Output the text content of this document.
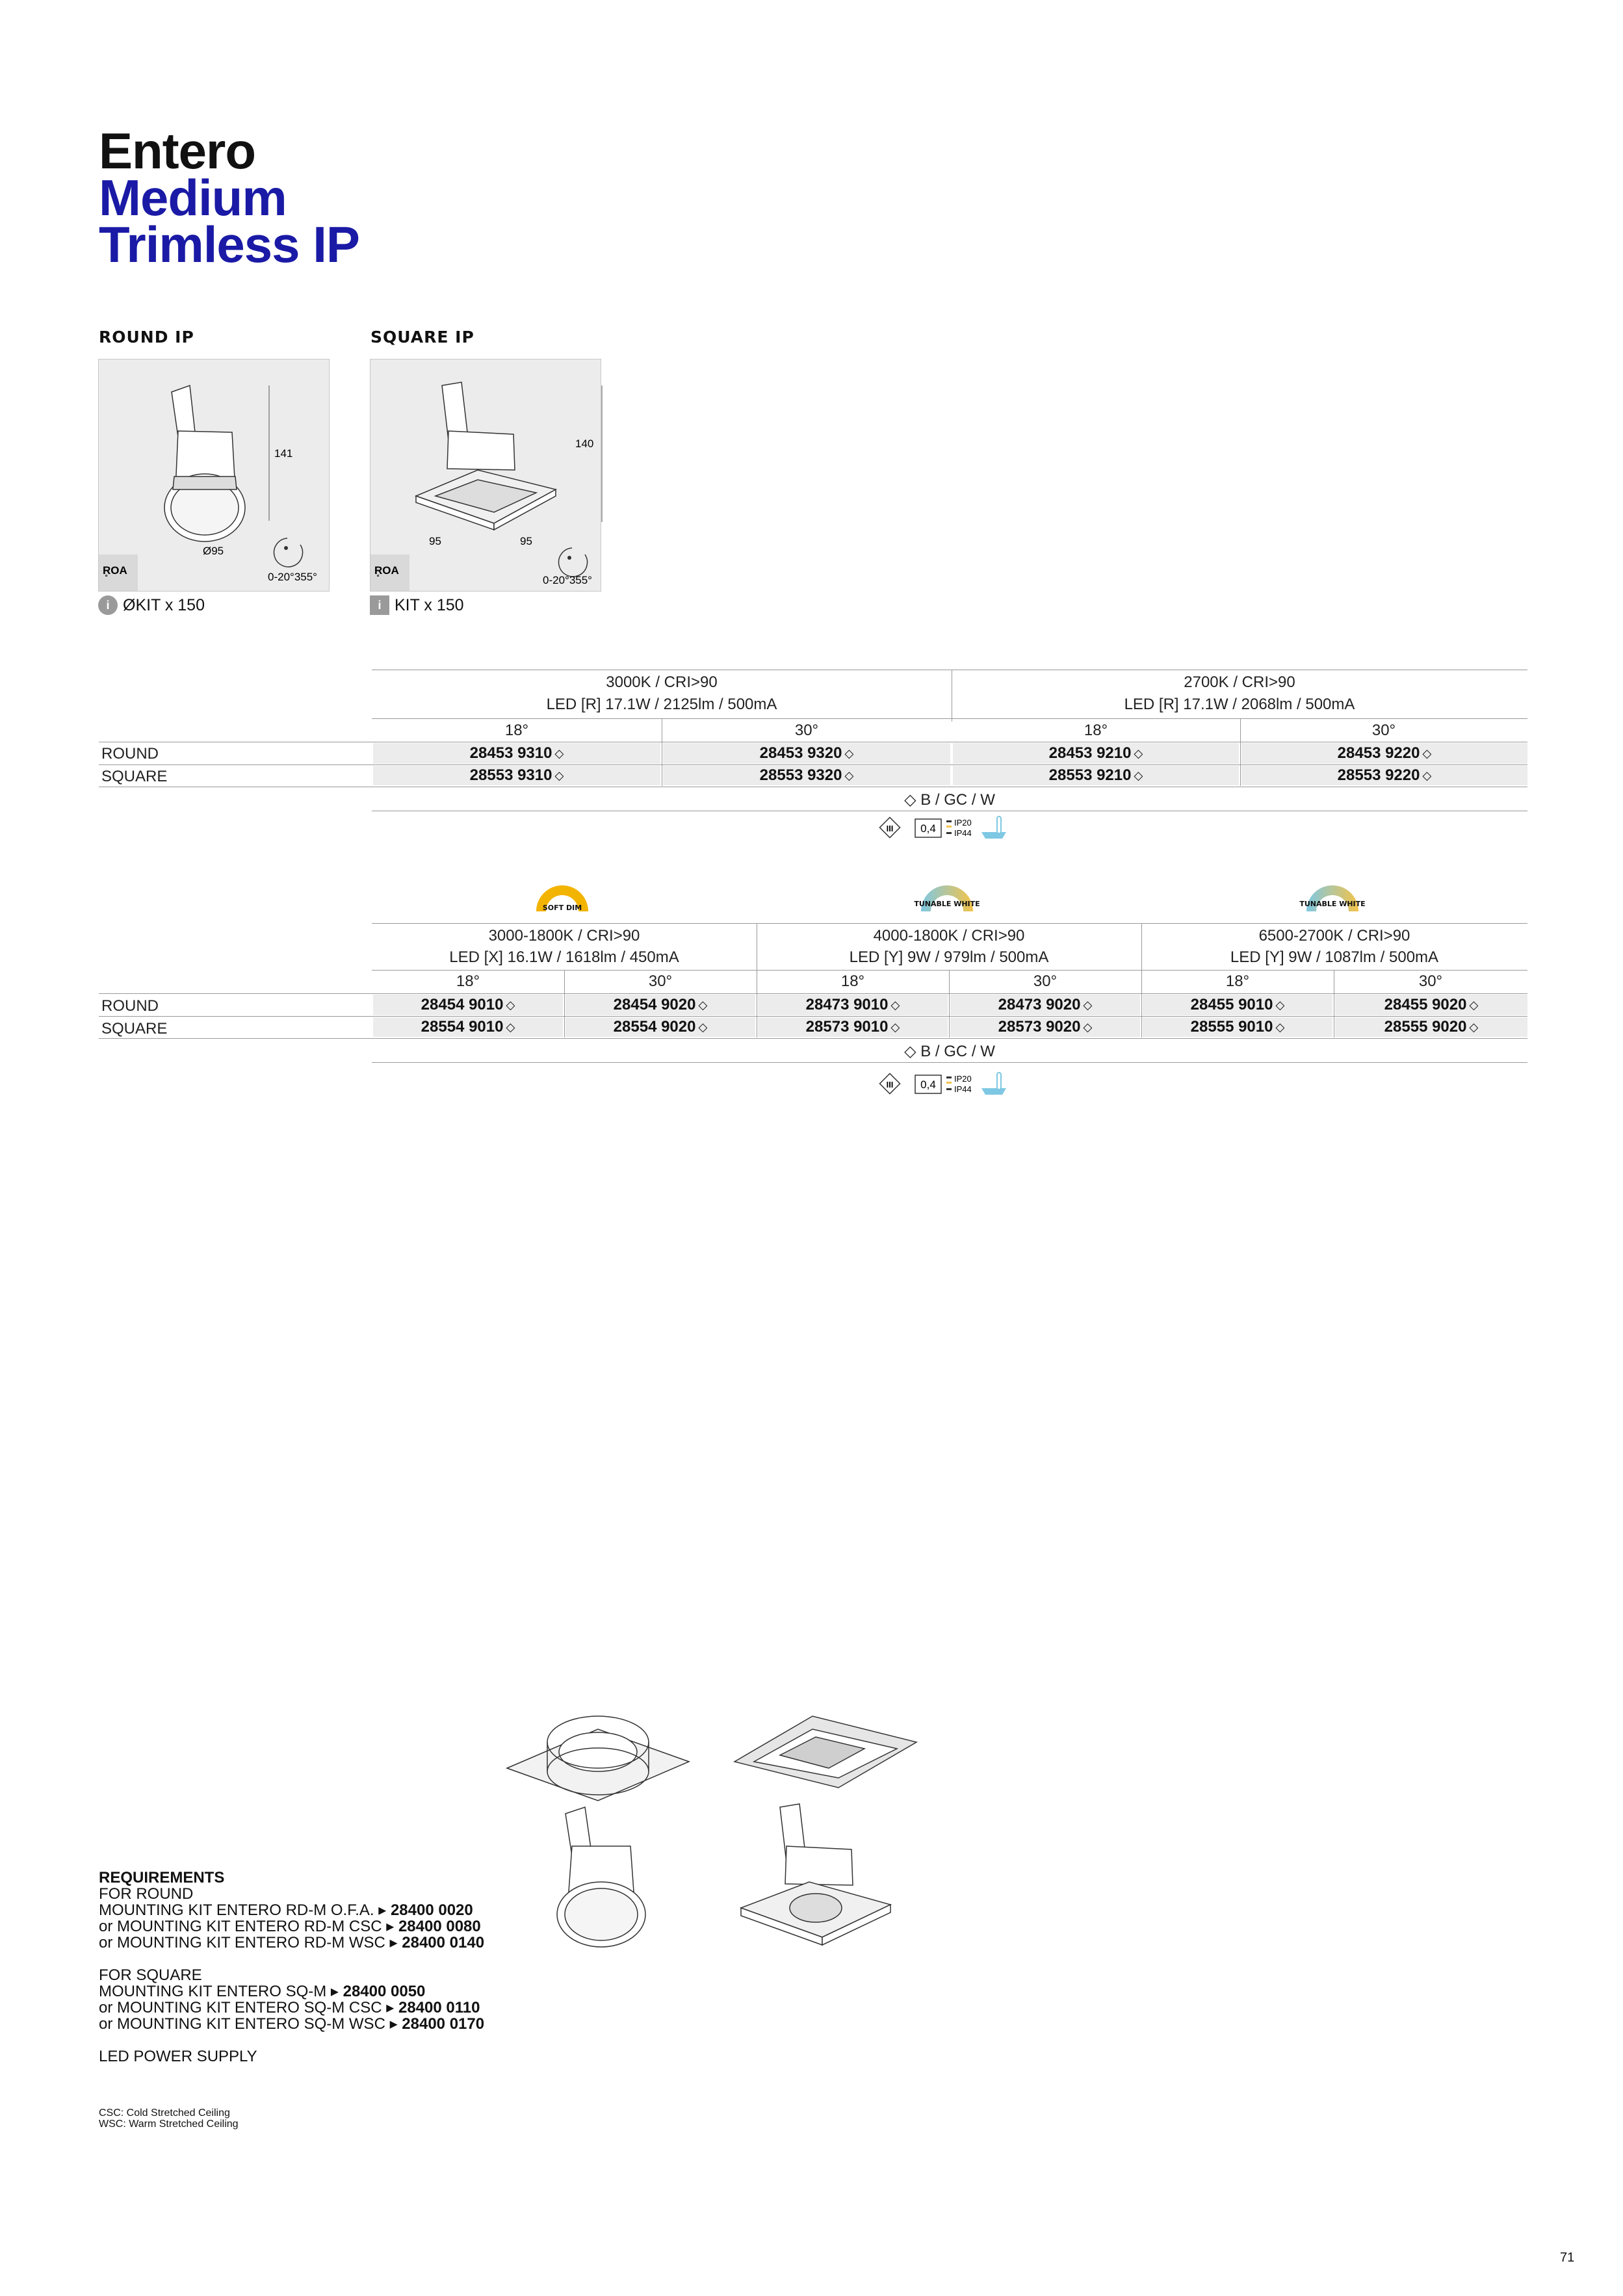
Entero
Medium
Trimless IP
ROUND IP
141
Ø95
0-20°355°
R̥OA
i ØKIT x 150
SQUARE IP
140
95	95
0-20°355°
R̥OA
i KIT x 150
3000K / CRI>90	2700K / CRI>90
LED [R] 17.1W / 2125lm / 500mA	LED [R] 17.1W / 2068lm / 500mA
18°	30°	18°	30°
ROUND	28453 9310 ◇	28453 9320 ◇	28453 9210 ◇	28453 9220 ◇
SQUARE	28553 9310 ◇	28553 9320 ◇	28553 9210 ◇	28553 9220 ◇
◇ B / GC / W
III 0,4 IP20
IP44
SOFT DIM	TUNABLE WHITE	TUNABLE WHITE
3000-1800K / CRI>90	4000-1800K / CRI>90	6500-2700K / CRI>90
LED [X] 16.1W / 1618lm / 450mA	LED [Y] 9W / 979lm / 500mA	LED [Y] 9W / 1087lm / 500mA
18°	30°	18°	30°	18°	30°
ROUND	28454 9010 ◇	28454 9020 ◇	28473 9010 ◇	28473 9020 ◇	28455 9010 ◇	28455 9020 ◇
SQUARE	28554 9010 ◇	28554 9020 ◇	28573 9010 ◇	28573 9020 ◇	28555 9010 ◇	28555 9020 ◇
◇ B / GC / W
III 0,4 IP20
IP44
REQUIREMENTS
FOR ROUND
MOUNTING KIT ENTERO RD-M O.F.A. ▸ 28400 0020
or MOUNTING KIT ENTERO RD-M CSC ▸ 28400 0080
or MOUNTING KIT ENTERO RD-M WSC ▸ 28400 0140
FOR SQUARE
MOUNTING KIT ENTERO SQ-M ▸ 28400 0050
or MOUNTING KIT ENTERO SQ-M CSC ▸ 28400 0110
or MOUNTING KIT ENTERO SQ-M WSC ▸ 28400 0170
LED POWER SUPPLY
CSC: Cold Stretched Ceiling
WSC: Warm Stretched Ceiling
71
